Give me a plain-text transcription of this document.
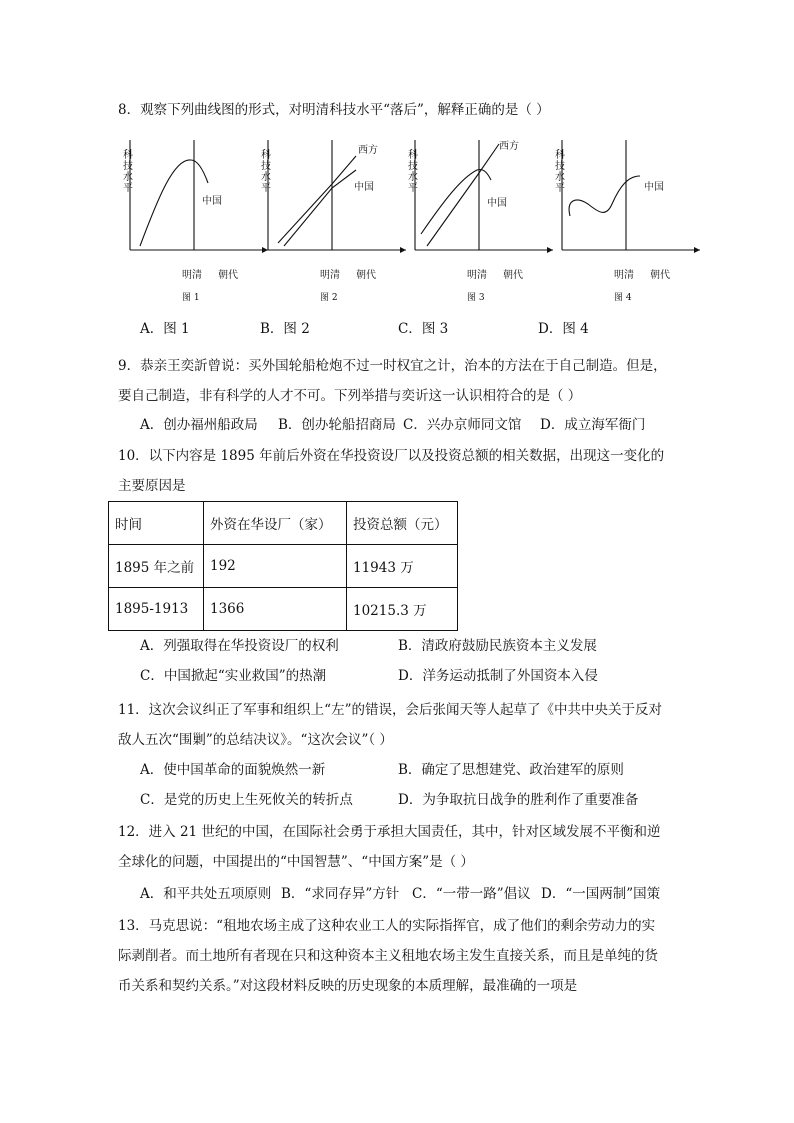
8．观察下列曲线图的形式，对明清科技水平“落后”，解释正确的是（ ）
科
技
水
平
中国
明清 朝代
图 1
科
技
水
平
西方
中国
明清 朝代
图 2
科
技
水
平
西方
中国
明清 朝代
图 3
科
技
水
平	中国
明清 朝代
图 4
A．图 1	B．图 2	C．图 3	D．图 4
9．恭亲王奕訢曾说：买外国轮船枪炮不过一时权宜之计，治本的方法在于自己制造。但是，
要自己制造，非有科学的人才不可。下列举措与奕䜣这一认识相符合的是（ ）
A．创办福州船政局 B．创办轮船招商局 C．兴办京师同文馆 D．成立海军衙门
10．以下内容是 1895 年前后外资在华投资设厂以及投资总额的相关数据，出现这一变化的
主要原因是
时间	外资在华设厂（家）	投资总额（元）
1895 年之前	192	11943 万
1895-1913	1366	10215.3 万
A．列强取得在华投资设厂的权利	B．清政府鼓励民族资本主义发展
C．中国掀起“实业救国”的热潮	D．洋务运动抵制了外国资本入侵
11．这次会议纠正了军事和组织上“左”的错误，会后张闻天等人起草了《中共中央关于反对
敌人五次“围剿”的总结决议》。“这次会议”（ ）
A．使中国革命的面貌焕然一新	B．确定了思想建党、政治建军的原则
C．是党的历史上生死攸关的转折点	D．为争取抗日战争的胜利作了重要准备
12．进入 21 世纪的中国，在国际社会勇于承担大国责任，其中，针对区域发展不平衡和逆
全球化的问题，中国提出的“中国智慧”、“中国方案”是（ ）
A．和平共处五项原则 B．“求同存异”方针 C．“一带一路”倡议 D．“一国两制”国策
13．马克思说：“租地农场主成了这种农业工人的实际指挥官，成了他们的剩余劳动力的实
际剥削者。而土地所有者现在只和这种资本主义租地农场主发生直接关系，而且是单纯的货
币关系和契约关系。”对这段材料反映的历史现象的本质理解，最准确的一项是
